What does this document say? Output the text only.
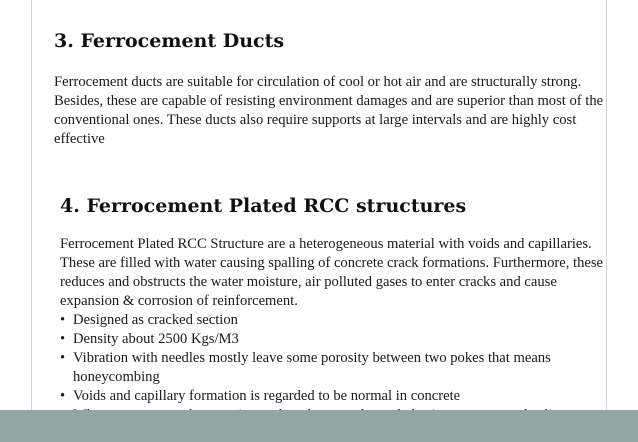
3. Ferrocement Ducts

Ferrocement ducts are suitable for circulation of cool or hot air and are structurally strong. Besides, these are capable of resisting environment damages and are superior than most of the conventional ones. These ducts also require supports at large intervals and are highly cost effective

4. Ferrocement Plated RCC structures

Ferrocement Plated RCC Structure are a heterogeneous material with voids and capillaries. These are filled with water causing spalling of concrete crack formations. Furthermore, these reduces and obstructs the water moisture, air polluted gases to enter cracks and cause expansion & corrosion of reinforcement.

• Designed as cracked section
• Density about 2500 Kgs/M3
• Vibration with needles mostly leave some porosity between two pokes that means honeycombing
• Voids and capillary formation is regarded to be normal in concrete
